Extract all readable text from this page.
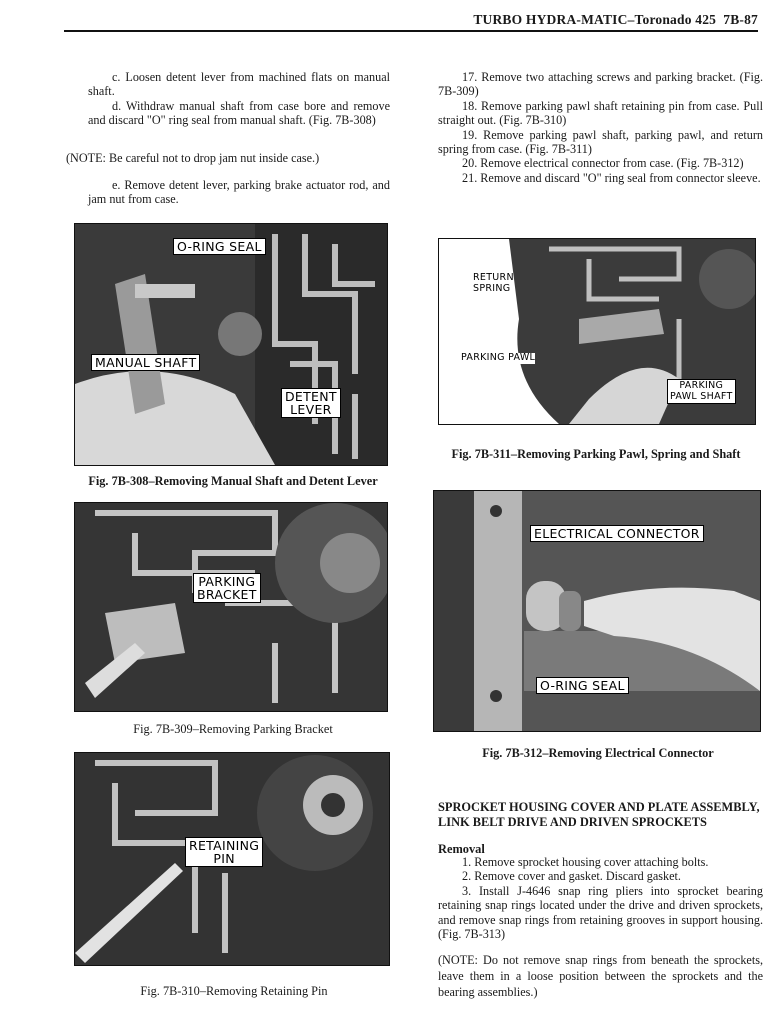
TURBO HYDRA-MATIC–Toronado 425 7B-87

c. Loosen detent lever from machined flats on manual shaft.

d. Withdraw manual shaft from case bore and remove and discard "O" ring seal from manual shaft. (Fig. 7B-308)

(NOTE: Be careful not to drop jam nut inside case.)

e. Remove detent lever, parking brake actuator rod, and jam nut from case.

17. Remove two attaching screws and parking bracket. (Fig. 7B-309)

18. Remove parking pawl shaft retaining pin from case. Pull straight out. (Fig. 7B-310)

19. Remove parking pawl shaft, parking pawl, and return spring from case. (Fig. 7B-311)

20. Remove electrical connector from case. (Fig. 7B-312)

21. Remove and discard "O" ring seal from connector sleeve.

O-RING SEAL
MANUAL SHAFT
DETENT
LEVER
Fig. 7B-308–Removing Manual Shaft and Detent Lever
PARKING
BRACKET
Fig. 7B-309–Removing Parking Bracket
RETAINING
PIN
Fig. 7B-310–Removing Retaining Pin
RETURN
SPRING
PARKING PAWL
PARKING
PAWL SHAFT
Fig. 7B-311–Removing Parking Pawl, Spring and Shaft
ELECTRICAL CONNECTOR
O-RING SEAL
Fig. 7B-312–Removing Electrical Connector
SPROCKET HOUSING COVER AND PLATE ASSEMBLY, LINK BELT DRIVE AND DRIVEN SPROCKETS
Removal

1. Remove sprocket housing cover attaching bolts.

2. Remove cover and gasket. Discard gasket.

3. Install J-4646 snap ring pliers into sprocket bearing retaining snap rings located under the drive and driven sprockets, and remove snap rings from retaining grooves in support housing. (Fig. 7B-313)

(NOTE: Do not remove snap rings from beneath the sprockets, leave them in a loose position between the sprockets and the bearing assemblies.)
